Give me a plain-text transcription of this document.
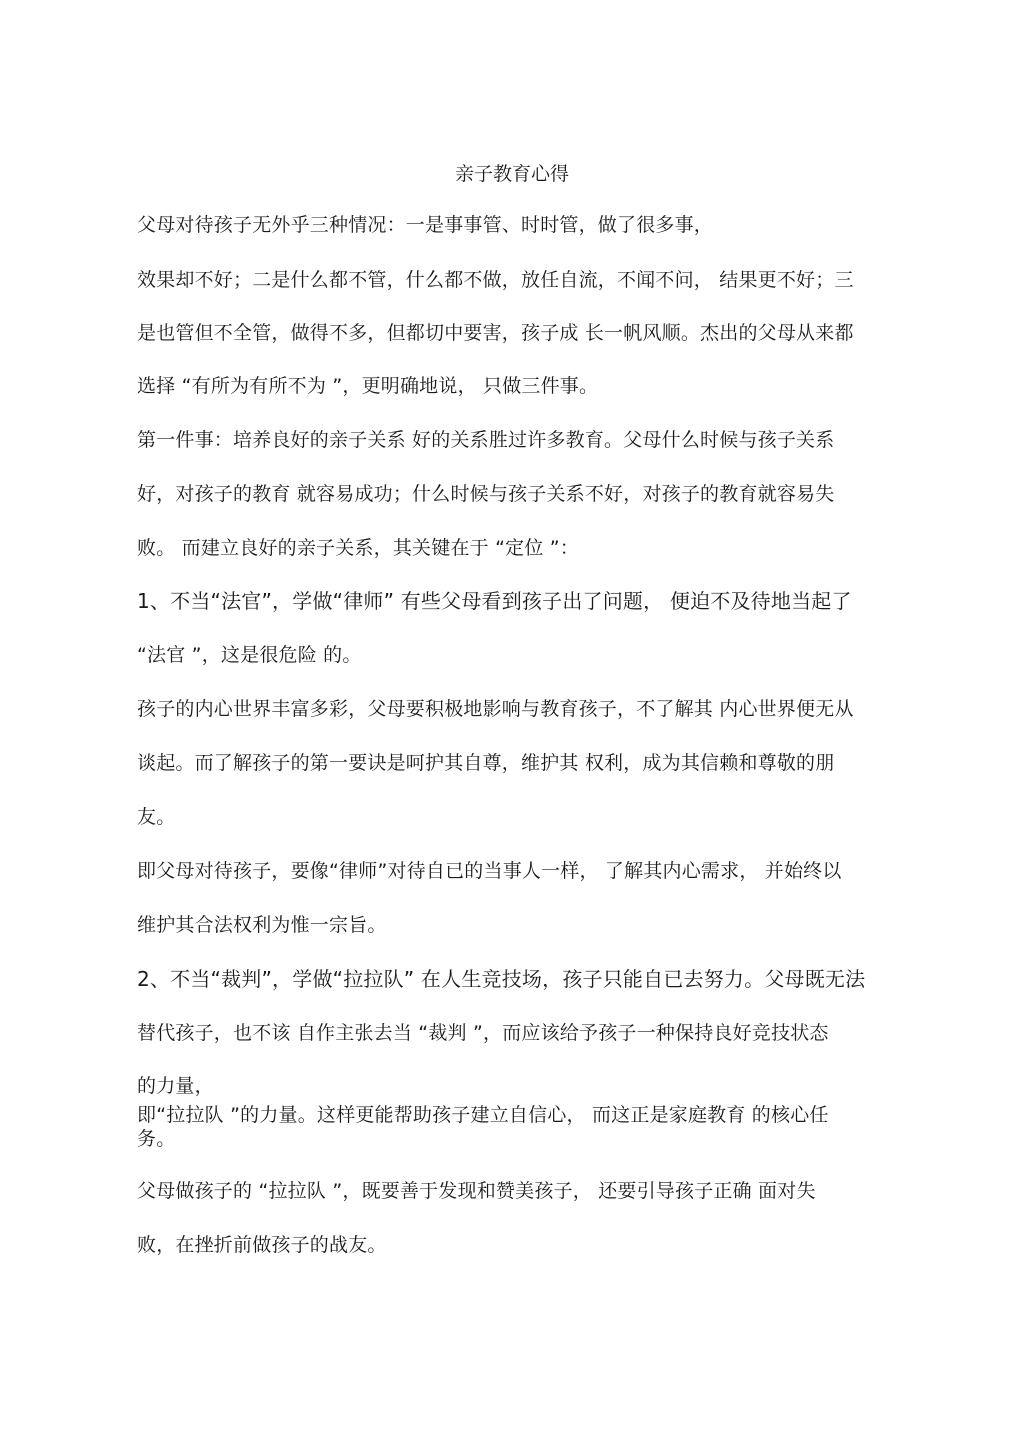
亲子教育心得
父母对待孩子无外乎三种情况：一是事事管、时时管，做了很多事，
效果却不好；二是什么都不管，什么都不做，放任自流，不闻不问， 结果更不好；三
是也管但不全管，做得不多，但都切中要害，孩子成 长一帆风顺。杰出的父母从来都
选择 “有所为有所不为 ”，更明确地说， 只做三件事。
第一件事：培养良好的亲子关系 好的关系胜过许多教育。父母什么时候与孩子关系
好，对孩子的教育 就容易成功；什么时候与孩子关系不好，对孩子的教育就容易失
败。 而建立良好的亲子关系，其关键在于 “定位 ”：
1、不当“法官”，学做“律师” 有些父母看到孩子出了问题， 便迫不及待地当起了
“法官 ”，这是很危险 的。
孩子的内心世界丰富多彩，父母要积极地影响与教育孩子，不了解其 内心世界便无从
谈起。而了解孩子的第一要诀是呵护其自尊，维护其 权利，成为其信赖和尊敬的朋
友。
即父母对待孩子，要像“律师”对待自已的当事人一样， 了解其内心需求， 并始终以
维护其合法权利为惟一宗旨。
2、不当“裁判”，学做“拉拉队” 在人生竞技场，孩子只能自已去努力。父母既无法
替代孩子，也不该 自作主张去当 “裁判 ”，而应该给予孩子一种保持良好竞技状态
的力量，
即“拉拉队 ”的力量。这样更能帮助孩子建立自信心， 而这正是家庭教育 的核心任
务。
父母做孩子的 “拉拉队 ”，既要善于发现和赞美孩子， 还要引导孩子正确 面对失
败，在挫折前做孩子的战友。
